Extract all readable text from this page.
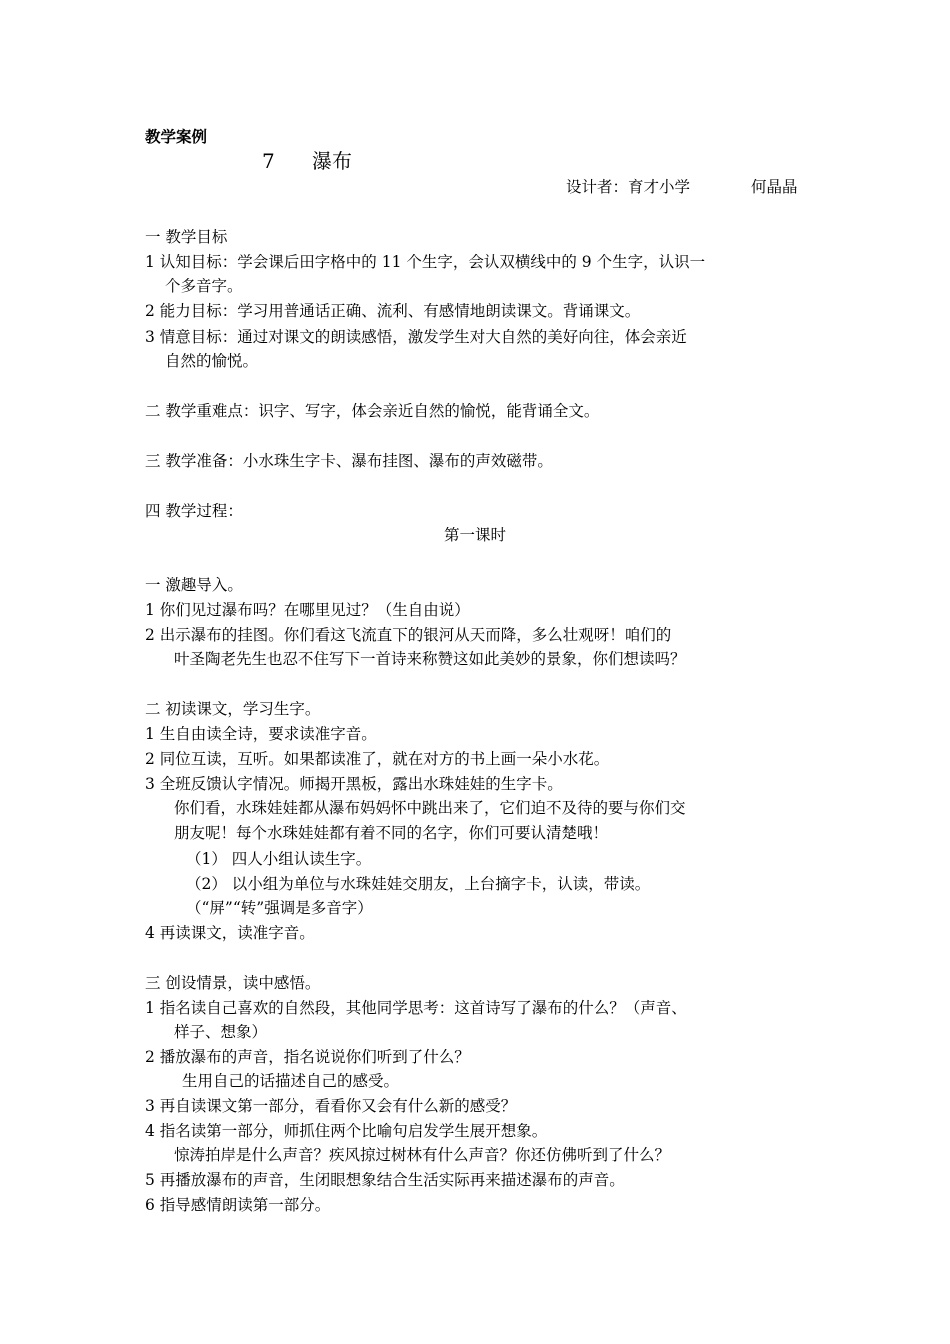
教学案例
7 瀑布
设计者：育才小学	何晶晶
一 教学目标
1 认知目标：学会课后田字格中的 11 个生字，会认双横线中的 9 个生字，认识一
个多音字。
2 能力目标：学习用普通话正确、流利、有感情地朗读课文。背诵课文。
3 情意目标：通过对课文的朗读感悟，激发学生对大自然的美好向往，体会亲近
自然的愉悦。
二 教学重难点：识字、写字，体会亲近自然的愉悦，能背诵全文。
三 教学准备：小水珠生字卡、瀑布挂图、瀑布的声效磁带。
四 教学过程：
第一课时
一 激趣导入。
1 你们见过瀑布吗？在哪里见过？（生自由说）
2 出示瀑布的挂图。你们看这飞流直下的银河从天而降，多么壮观呀！咱们的
叶圣陶老先生也忍不住写下一首诗来称赞这如此美妙的景象，你们想读吗？
二 初读课文，学习生字。
1 生自由读全诗，要求读准字音。
2 同位互读，互听。如果都读准了，就在对方的书上画一朵小水花。
3 全班反馈认字情况。师揭开黑板，露出水珠娃娃的生字卡。
你们看，水珠娃娃都从瀑布妈妈怀中跳出来了，它们迫不及待的要与你们交
朋友呢！每个水珠娃娃都有着不同的名字，你们可要认清楚哦！
（1） 四人小组认读生字。
（2） 以小组为单位与水珠娃娃交朋友，上台摘字卡，认读，带读。
（“屏”“转”强调是多音字）
4 再读课文，读准字音。
三 创设情景，读中感悟。
1 指名读自己喜欢的自然段，其他同学思考：这首诗写了瀑布的什么？（声音、
样子、想象）
2 播放瀑布的声音，指名说说你们听到了什么？
生用自己的话描述自己的感受。
3 再自读课文第一部分，看看你又会有什么新的感受？
4 指名读第一部分，师抓住两个比喻句启发学生展开想象。
惊涛拍岸是什么声音？疾风掠过树林有什么声音？你还仿佛听到了什么？
5 再播放瀑布的声音，生闭眼想象结合生活实际再来描述瀑布的声音。
6 指导感情朗读第一部分。
